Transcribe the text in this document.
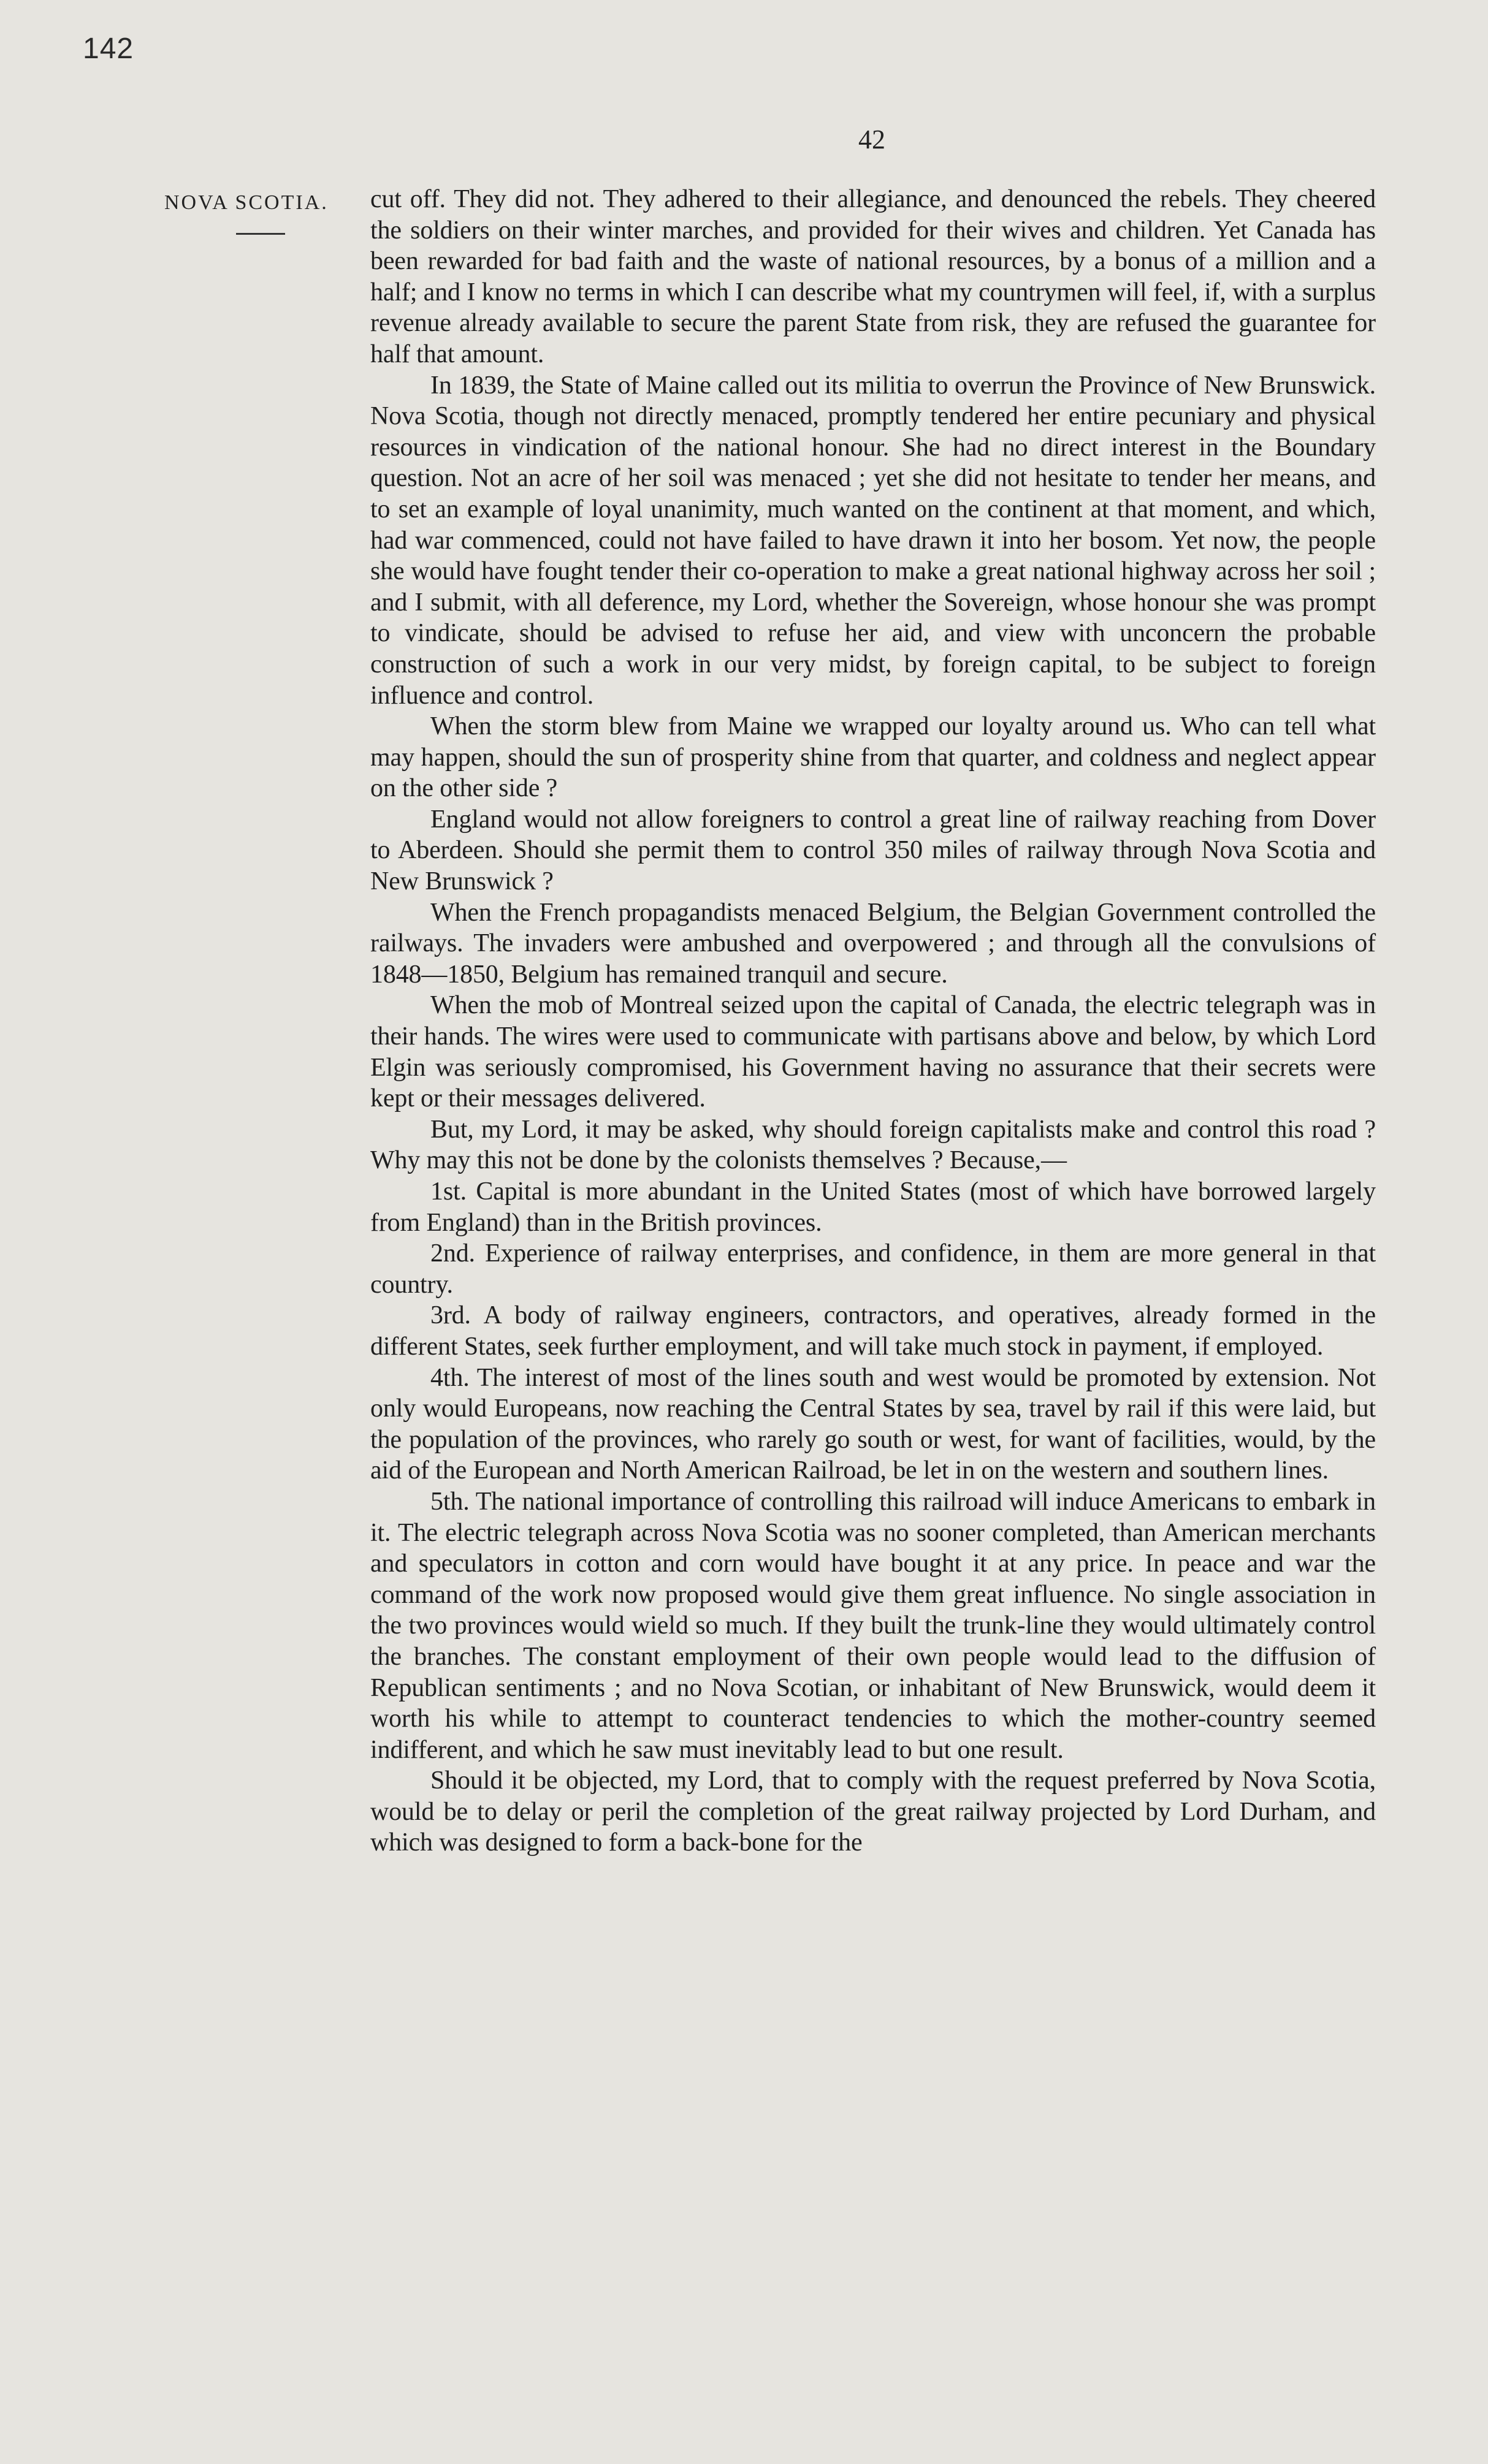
142
42
NOVA SCOTIA. cut off. They did not. They adhered to their allegiance, and denounced the rebels. They cheered the soldiers on their winter marches, and provided for their wives and children. Yet Canada has been rewarded for bad faith and the waste of national resources, by a bonus of a million and a half; and I know no terms in which I can describe what my countrymen will feel, if, with a surplus revenue already available to secure the parent State from risk, they are refused the guarantee for half that amount.

In 1839, the State of Maine called out its militia to overrun the Province of New Brunswick. Nova Scotia, though not directly menaced, promptly tendered her entire pecuniary and physical resources in vindication of the national honour. She had no direct interest in the Boundary question. Not an acre of her soil was menaced ; yet she did not hesitate to tender her means, and to set an example of loyal unanimity, much wanted on the continent at that moment, and which, had war commenced, could not have failed to have drawn it into her bosom. Yet now, the people she would have fought tender their co-operation to make a great national highway across her soil ; and I submit, with all deference, my Lord, whether the Sovereign, whose honour she was prompt to vindicate, should be advised to refuse her aid, and view with unconcern the probable construction of such a work in our very midst, by foreign capital, to be subject to foreign influence and control.

When the storm blew from Maine we wrapped our loyalty around us. Who can tell what may happen, should the sun of prosperity shine from that quarter, and coldness and neglect appear on the other side ?

England would not allow foreigners to control a great line of railway reaching from Dover to Aberdeen. Should she permit them to control 350 miles of railway through Nova Scotia and New Brunswick ?

When the French propagandists menaced Belgium, the Belgian Government controlled the railways. The invaders were ambushed and overpowered ; and through all the convulsions of 1848—1850, Belgium has remained tranquil and secure.

When the mob of Montreal seized upon the capital of Canada, the electric telegraph was in their hands. The wires were used to communicate with partisans above and below, by which Lord Elgin was seriously compromised, his Government having no assurance that their secrets were kept or their messages delivered.

But, my Lord, it may be asked, why should foreign capitalists make and control this road ? Why may this not be done by the colonists themselves ? Because,—

1st. Capital is more abundant in the United States (most of which have borrowed largely from England) than in the British provinces.

2nd. Experience of railway enterprises, and confidence, in them are more general in that country.

3rd. A body of railway engineers, contractors, and operatives, already formed in the different States, seek further employment, and will take much stock in payment, if employed.

4th. The interest of most of the lines south and west would be promoted by extension. Not only would Europeans, now reaching the Central States by sea, travel by rail if this were laid, but the population of the provinces, who rarely go south or west, for want of facilities, would, by the aid of the European and North American Railroad, be let in on the western and southern lines.

5th. The national importance of controlling this railroad will induce Americans to embark in it. The electric telegraph across Nova Scotia was no sooner completed, than American merchants and speculators in cotton and corn would have bought it at any price. In peace and war the command of the work now proposed would give them great influence. No single association in the two provinces would wield so much. If they built the trunk-line they would ultimately control the branches. The constant employment of their own people would lead to the diffusion of Republican sentiments ; and no Nova Scotian, or inhabitant of New Brunswick, would deem it worth his while to attempt to counteract tendencies to which the mother-country seemed indifferent, and which he saw must inevitably lead to but one result.

Should it be objected, my Lord, that to comply with the request preferred by Nova Scotia, would be to delay or peril the completion of the great railway projected by Lord Durham, and which was designed to form a back-bone for the
